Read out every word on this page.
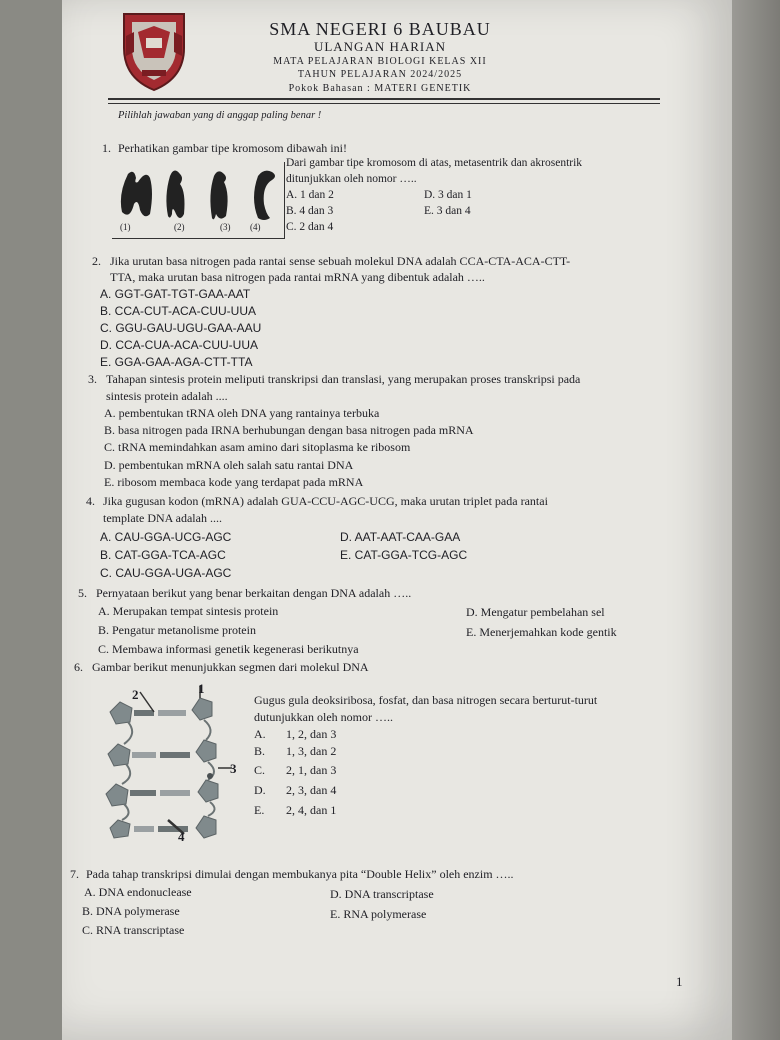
SMA NEGERI 6 BAUBAU
ULANGAN HARIAN
MATA PELAJARAN BIOLOGI KELAS XII
TAHUN PELAJARAN 2024/2025
Pokok Bahasan : MATERI GENETIK
Pilihlah jawaban yang di anggap paling benar !
1. Perhatikan gambar tipe kromosom dibawah ini!
(1)	(2)	(3) (4)
Dari gambar tipe kromosom di atas, metasentrik dan akrosentrik
ditunjukkan oleh nomor …..
A. 1 dan 2	D. 3 dan 1
B. 4 dan 3	E. 3 dan 4
C. 2 dan 4
2. Jika urutan basa nitrogen pada rantai sense sebuah molekul DNA adalah CCA-CTA-ACA-CTT-
TTA, maka urutan basa nitrogen pada rantai mRNA yang dibentuk adalah …..
A. GGT-GAT-TGT-GAA-AAT
B. CCA-CUT-ACA-CUU-UUA
C. GGU-GAU-UGU-GAA-AAU
D. CCA-CUA-ACA-CUU-UUA
E. GGA-GAA-AGA-CTT-TTA
3. Tahapan sintesis protein meliputi transkripsi dan translasi, yang merupakan proses transkripsi pada
sintesis protein adalah ....
A. pembentukan tRNA oleh DNA yang rantainya terbuka
B. basa nitrogen pada IRNA berhubungan dengan basa nitrogen pada mRNA
C. tRNA memindahkan asam amino dari sitoplasma ke ribosom
D. pembentukan mRNA oleh salah satu rantai DNA
E. ribosom membaca kode yang terdapat pada mRNA
4. Jika gugusan kodon (mRNA) adalah GUA-CCU-AGC-UCG, maka urutan triplet pada rantai
template DNA adalah ....
A. CAU-GGA-UCG-AGC	D. AAT-AAT-CAA-GAA
B. CAT-GGA-TCA-AGC	E. CAT-GGA-TCG-AGC
C. CAU-GGA-UGA-AGC
5. Pernyataan berikut yang benar berkaitan dengan DNA adalah …..
A. Merupakan tempat sintesis protein	D. Mengatur pembelahan sel
B. Pengatur metanolisme protein	E. Menerjemahkan kode gentik
C. Membawa informasi genetik kegenerasi berikutnya
6. Gambar berikut menunjukkan segmen dari molekul DNA
2	1
3
4
Gugus gula deoksiribosa, fosfat, dan basa nitrogen secara berturut-turut
dutunjukkan oleh nomor …..
A. 1, 2, dan 3
B. 1, 3, dan 2
C. 2, 1, dan 3
D. 2, 3, dan 4
E. 2, 4, dan 1
7. Pada tahap transkripsi dimulai dengan membukanya pita “Double Helix” oleh enzim …..
A. DNA endonuclease	D. DNA transcriptase
B. DNA polymerase	E. RNA polymerase
C. RNA transcriptase
1
